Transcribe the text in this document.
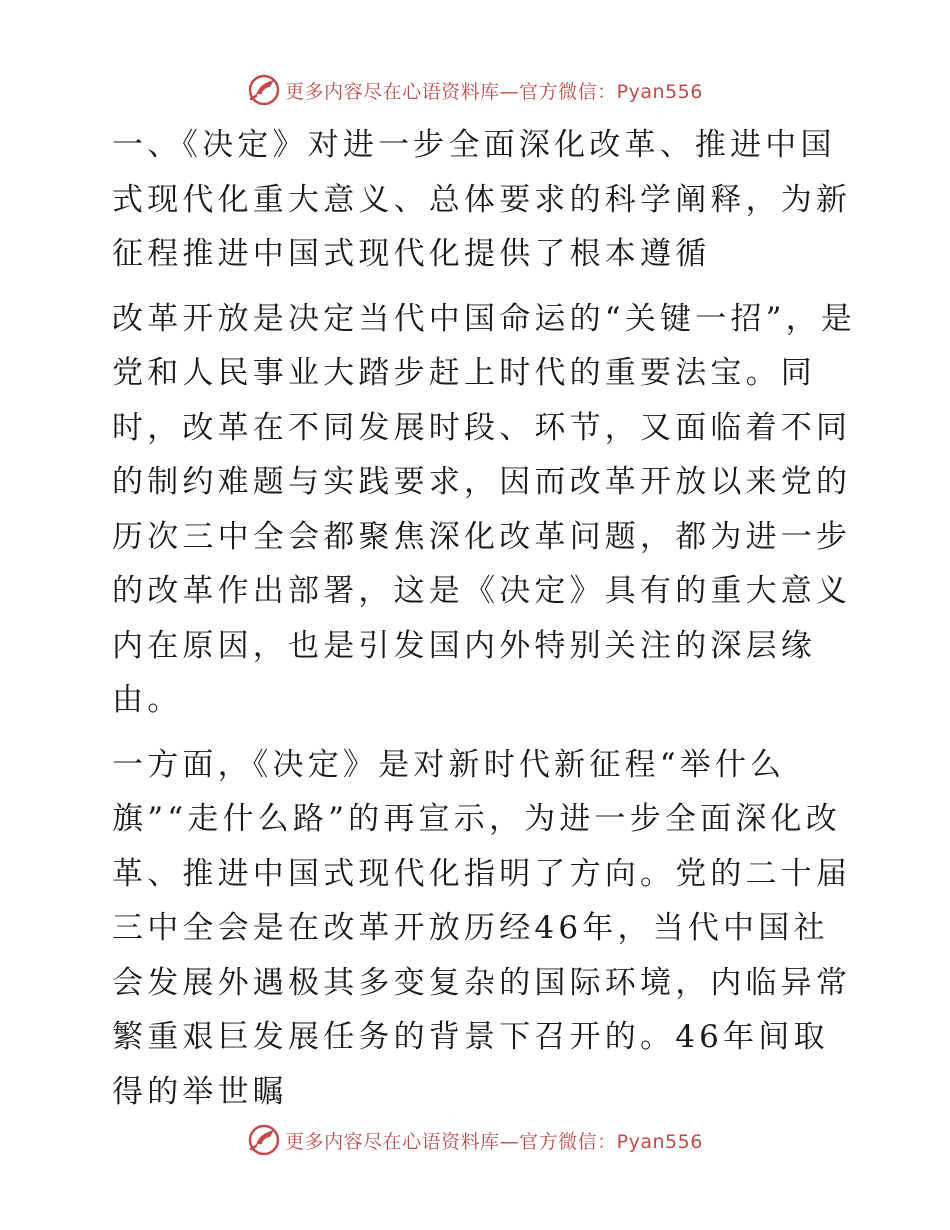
更多内容尽在心语资料库—官方微信：Pyan556

一、《决定》对进一步全面深化改革、推进中国式现代化重大意义、总体要求的科学阐释，为新征程推进中国式现代化提供了根本遵循

改革开放是决定当代中国命运的“关键一招”，是党和人民事业大踏步赶上时代的重要法宝。同时，改革在不同发展时段、环节，又面临着不同的制约难题与实践要求，因而改革开放以来党的历次三中全会都聚焦深化改革问题，都为进一步的改革作出部署，这是《决定》具有的重大意义内在原因，也是引发国内外特别关注的深层缘由。

一方面，《决定》是对新时代新征程“举什么旗”“走什么路”的再宣示，为进一步全面深化改革、推进中国式现代化指明了方向。党的二十届三中全会是在改革开放历经46年，当代中国社会发展外遇极其多变复杂的国际环境，内临异常繁重艰巨发展任务的背景下召开的。46年间取得的举世瞩

更多内容尽在心语资料库—官方微信：Pyan556
